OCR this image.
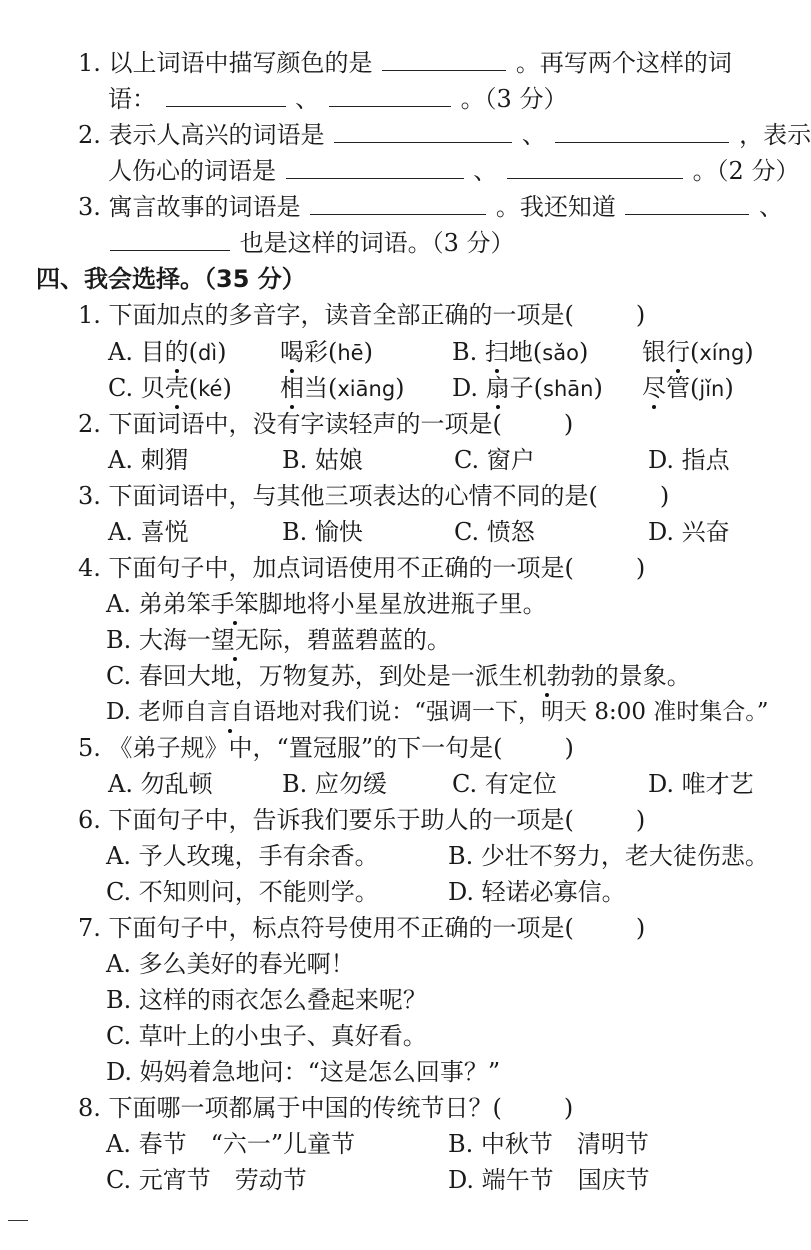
1. 以上词语中描写颜色的是	。再写两个这样的词
语：	、	。（3 分）
2. 表示人高兴的词语是	、	，表示
人伤心的词语是	、	。（2 分）
3. 寓言故事的词语是	。我还知道	、
也是这样的词语。（3 分）
四、我会选择。（35 分）
1. 下面加点的多音字，读音全部正确的一项是(	)
A. 目的(dì) 喝彩(hē)	B. 扫地(sǎo) 银行(xíng)
C. 贝壳(ké) 相当(xiāng) D. 扇子(shān) 尽管(jǐn)
2. 下面词语中，没有字读轻声的一项是(	)
A. 刺猬	B. 姑娘	C. 窗户	D. 指点
3. 下面词语中，与其他三项表达的心情不同的是(	)
A. 喜悦	B. 愉快	C. 愤怒	D. 兴奋
4. 下面句子中，加点词语使用不正确的一项是(	)
A. 弟弟笨手笨脚地将小星星放进瓶子里。
B. 大海一望无际，碧蓝碧蓝的。
C. 春回大地，万物复苏，到处是一派生机勃勃的景象。
D. 老师自言自语地对我们说：“强调一下，明天 8:00 准时集合。”
5. 《弟子规》中，“置冠服”的下一句是(	)
A. 勿乱顿	B. 应勿缓	C. 有定位	D. 唯才艺
6. 下面句子中，告诉我们要乐于助人的一项是(	)
A. 予人玫瑰，手有余香。	B. 少壮不努力，老大徒伤悲。
C. 不知则问，不能则学。	D. 轻诺必寡信。
7. 下面句子中，标点符号使用不正确的一项是(	)
A. 多么美好的春光啊！
B. 这样的雨衣怎么叠起来呢？
C. 草叶上的小虫子、真好看。
D. 妈妈着急地问：“这是怎么回事？”
8. 下面哪一项都属于中国的传统节日？(	)
A. 春节　“六一”儿童节	B. 中秋节　清明节
C. 元宵节　劳动节	D. 端午节　国庆节
